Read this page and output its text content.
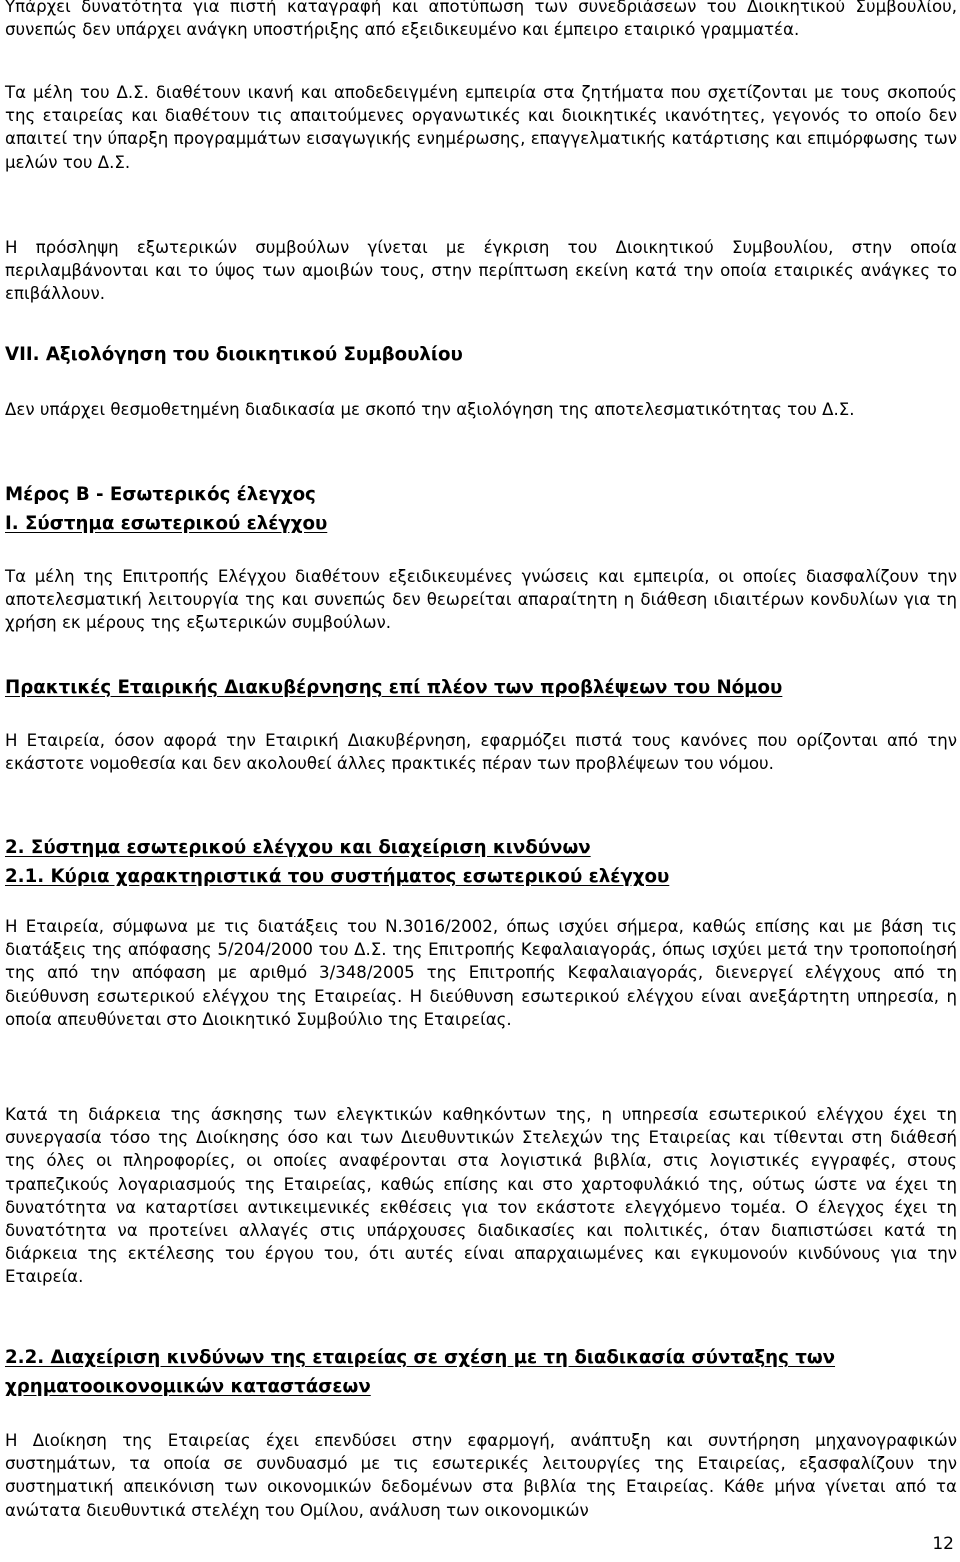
Υπάρχει δυνατότητα για πιστή καταγραφή και αποτύπωση των συνεδριάσεων του Διοικητικού Συμβουλίου, συνεπώς δεν υπάρχει ανάγκη υποστήριξης από εξειδικευμένο και έμπειρο εταιρικό γραμματέα.

Τα μέλη του Δ.Σ. διαθέτουν ικανή και αποδεδειγμένη εμπειρία στα ζητήματα που σχετίζονται με τους σκοπούς της εταιρείας και διαθέτουν τις απαιτούμενες οργανωτικές και διοικητικές ικανότητες, γεγονός το οποίο δεν απαιτεί την ύπαρξη προγραμμάτων εισαγωγικής ενημέρωσης, επαγγελματικής κατάρτισης και επιμόρφωσης των μελών του Δ.Σ.

Η πρόσληψη εξωτερικών συμβούλων γίνεται με έγκριση του Διοικητικού Συμβουλίου, στην οποία περιλαμβάνονται και το ύψος των αμοιβών τους, στην περίπτωση εκείνη κατά την οποία εταιρικές ανάγκες το επιβάλλουν.

VII. Αξιολόγηση του διοικητικού Συμβουλίου

Δεν υπάρχει θεσμοθετημένη διαδικασία με σκοπό την αξιολόγηση της αποτελεσματικότητας του Δ.Σ.

Μέρος Β - Εσωτερικός έλεγχος
Ι. Σύστημα εσωτερικού ελέγχου

Τα μέλη της Επιτροπής Ελέγχου διαθέτουν εξειδικευμένες γνώσεις και εμπειρία, οι οποίες διασφαλίζουν την αποτελεσματική λειτουργία της και συνεπώς δεν θεωρείται απαραίτητη η διάθεση ιδιαιτέρων κονδυλίων για τη χρήση εκ μέρους της εξωτερικών συμβούλων.

Πρακτικές Εταιρικής Διακυβέρνησης επί πλέον των προβλέψεων του Νόμου

Η Εταιρεία, όσον αφορά την Εταιρική Διακυβέρνηση, εφαρμόζει πιστά τους κανόνες που ορίζονται από την εκάστοτε νομοθεσία και δεν ακολουθεί άλλες πρακτικές πέραν των προβλέψεων του νόμου.

2. Σύστημα εσωτερικού ελέγχου και διαχείριση κινδύνων
2.1. Κύρια χαρακτηριστικά του συστήματος εσωτερικού ελέγχου

Η Εταιρεία, σύμφωνα με τις διατάξεις του Ν.3016/2002, όπως ισχύει σήμερα, καθώς επίσης και με βάση τις διατάξεις της απόφασης 5/204/2000 του Δ.Σ. της Επιτροπής Κεφαλαιαγοράς, όπως ισχύει μετά την τροποποίησή της από την απόφαση με αριθμό 3/348/2005 της Επιτροπής Κεφαλαιαγοράς, διενεργεί ελέγχους από τη διεύθυνση εσωτερικού ελέγχου της Εταιρείας. Η διεύθυνση εσωτερικού ελέγχου είναι ανεξάρτητη υπηρεσία, η οποία απευθύνεται στο Διοικητικό Συμβούλιο της Εταιρείας.

Κατά τη διάρκεια της άσκησης των ελεγκτικών καθηκόντων της, η υπηρεσία εσωτερικού ελέγχου έχει τη συνεργασία τόσο της Διοίκησης όσο και των Διευθυντικών Στελεχών της Εταιρείας και τίθενται στη διάθεσή της όλες οι πληροφορίες, οι οποίες αναφέρονται στα λογιστικά βιβλία, στις λογιστικές εγγραφές, στους τραπεζικούς λογαριασμούς της Εταιρείας, καθώς επίσης και στο χαρτοφυλάκιό της, ούτως ώστε να έχει τη δυνατότητα να καταρτίσει αντικειμενικές εκθέσεις για τον εκάστοτε ελεγχόμενο τομέα. Ο έλεγχος έχει τη δυνατότητα να προτείνει αλλαγές στις υπάρχουσες διαδικασίες και πολιτικές, όταν διαπιστώσει κατά τη διάρκεια της εκτέλεσης του έργου του, ότι αυτές είναι απαρχαιωμένες και εγκυμονούν κινδύνους για την Εταιρεία.

2.2. Διαχείριση κινδύνων της εταιρείας σε σχέση με τη διαδικασία σύνταξης των χρηματοοικονομικών καταστάσεων

Η Διοίκηση της Εταιρείας έχει επενδύσει στην εφαρμογή, ανάπτυξη και συντήρηση μηχανογραφικών συστημάτων, τα οποία σε συνδυασμό με τις εσωτερικές λειτουργίες της Εταιρείας, εξασφαλίζουν την συστηματική απεικόνιση των οικονομικών δεδομένων στα βιβλία της Εταιρείας. Κάθε μήνα γίνεται από τα ανώτατα διευθυντικά στελέχη του Ομίλου, ανάλυση των οικονομικών

12
